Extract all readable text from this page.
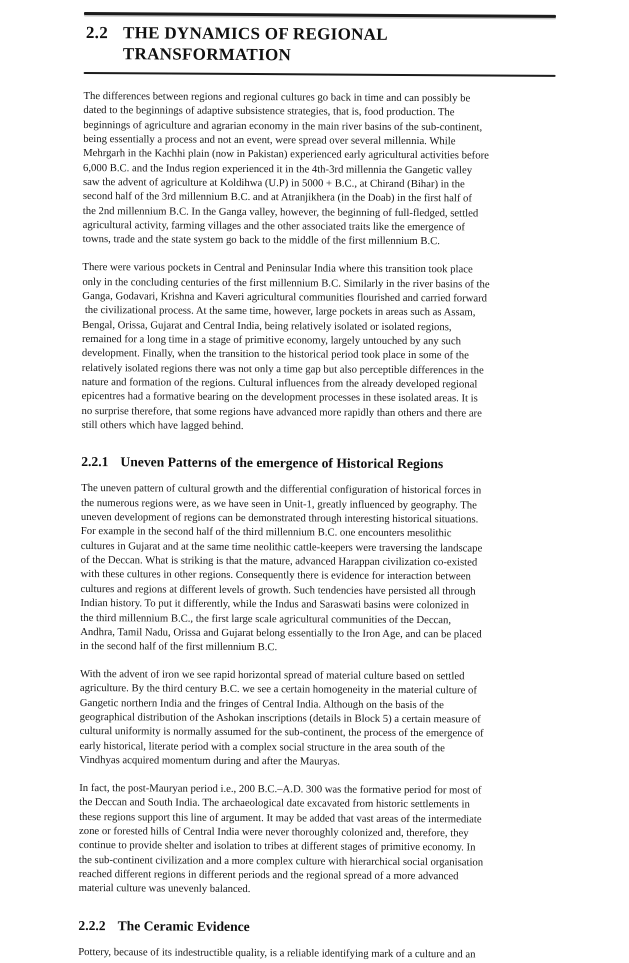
2.2 THE DYNAMICS OF REGIONAL
TRANSFORMATION

The differences between regions and regional cultures go back in time and can possibly be
dated to the beginnings of adaptive subsistence strategies, that is, food production. The
beginnings of agriculture and agrarian economy in the main river basins of the sub-continent,
being essentially a process and not an event, were spread over several millennia. While
Mehrgarh in the Kachhi plain (now in Pakistan) experienced early agricultural activities before
6,000 B.C. and the Indus region experienced it in the 4th-3rd millennia the Gangetic valley
saw the advent of agriculture at Koldihwa (U.P) in 5000 + B.C., at Chirand (Bihar) in the
second half of the 3rd millennium B.C. and at Atranjikhera (in the Doab) in the first half of
the 2nd millennium B.C. In the Ganga valley, however, the beginning of full-fledged, settled
agricultural activity, farming villages and the other associated traits like the emergence of
towns, trade and the state system go back to the middle of the first millennium B.C.

There were various pockets in Central and Peninsular India where this transition took place
only in the concluding centuries of the first millennium B.C. Similarly in the river basins of the
Ganga, Godavari, Krishna and Kaveri agricultural communities flourished and carried forward
the civilizational process. At the same time, however, large pockets in areas such as Assam,
Bengal, Orissa, Gujarat and Central India, being relatively isolated or isolated regions,
remained for a long time in a stage of primitive economy, largely untouched by any such
development. Finally, when the transition to the historical period took place in some of the
relatively isolated regions there was not only a time gap but also perceptible differences in the
nature and formation of the regions. Cultural influences from the already developed regional
epicentres had a formative bearing on the development processes in these isolated areas. It is
no surprise therefore, that some regions have advanced more rapidly than others and there are
still others which have lagged behind.

2.2.1 Uneven Patterns of the emergence of Historical Regions

The uneven pattern of cultural growth and the differential configuration of historical forces in
the numerous regions were, as we have seen in Unit-1, greatly influenced by geography. The
uneven development of regions can be demonstrated through interesting historical situations.
For example in the second half of the third millennium B.C. one encounters mesolithic
cultures in Gujarat and at the same time neolithic cattle-keepers were traversing the landscape
of the Deccan. What is striking is that the mature, advanced Harappan civilization co-existed
with these cultures in other regions. Consequently there is evidence for interaction between
cultures and regions at different levels of growth. Such tendencies have persisted all through
Indian history. To put it differently, while the Indus and Saraswati basins were colonized in
the third millennium B.C., the first large scale agricultural communities of the Deccan,
Andhra, Tamil Nadu, Orissa and Gujarat belong essentially to the Iron Age, and can be placed
in the second half of the first millennium B.C.

With the advent of iron we see rapid horizontal spread of material culture based on settled
agriculture. By the third century B.C. we see a certain homogeneity in the material culture of
Gangetic northern India and the fringes of Central India. Although on the basis of the
geographical distribution of the Ashokan inscriptions (details in Block 5) a certain measure of
cultural uniformity is normally assumed for the sub-continent, the process of the emergence of
early historical, literate period with a complex social structure in the area south of the
Vindhyas acquired momentum during and after the Mauryas.

In fact, the post-Mauryan period i.e., 200 B.C.–A.D. 300 was the formative period for most of
the Deccan and South India. The archaeological date excavated from historic settlements in
these regions support this line of argument. It may be added that vast areas of the intermediate
zone or forested hills of Central India were never thoroughly colonized and, therefore, they
continue to provide shelter and isolation to tribes at different stages of primitive economy. In
the sub-continent civilization and a more complex culture with hierarchical social organisation
reached different regions in different periods and the regional spread of a more advanced
material culture was unevenly balanced.

2.2.2 The Ceramic Evidence

Pottery, because of its indestructible quality, is a reliable identifying mark of a culture and an
